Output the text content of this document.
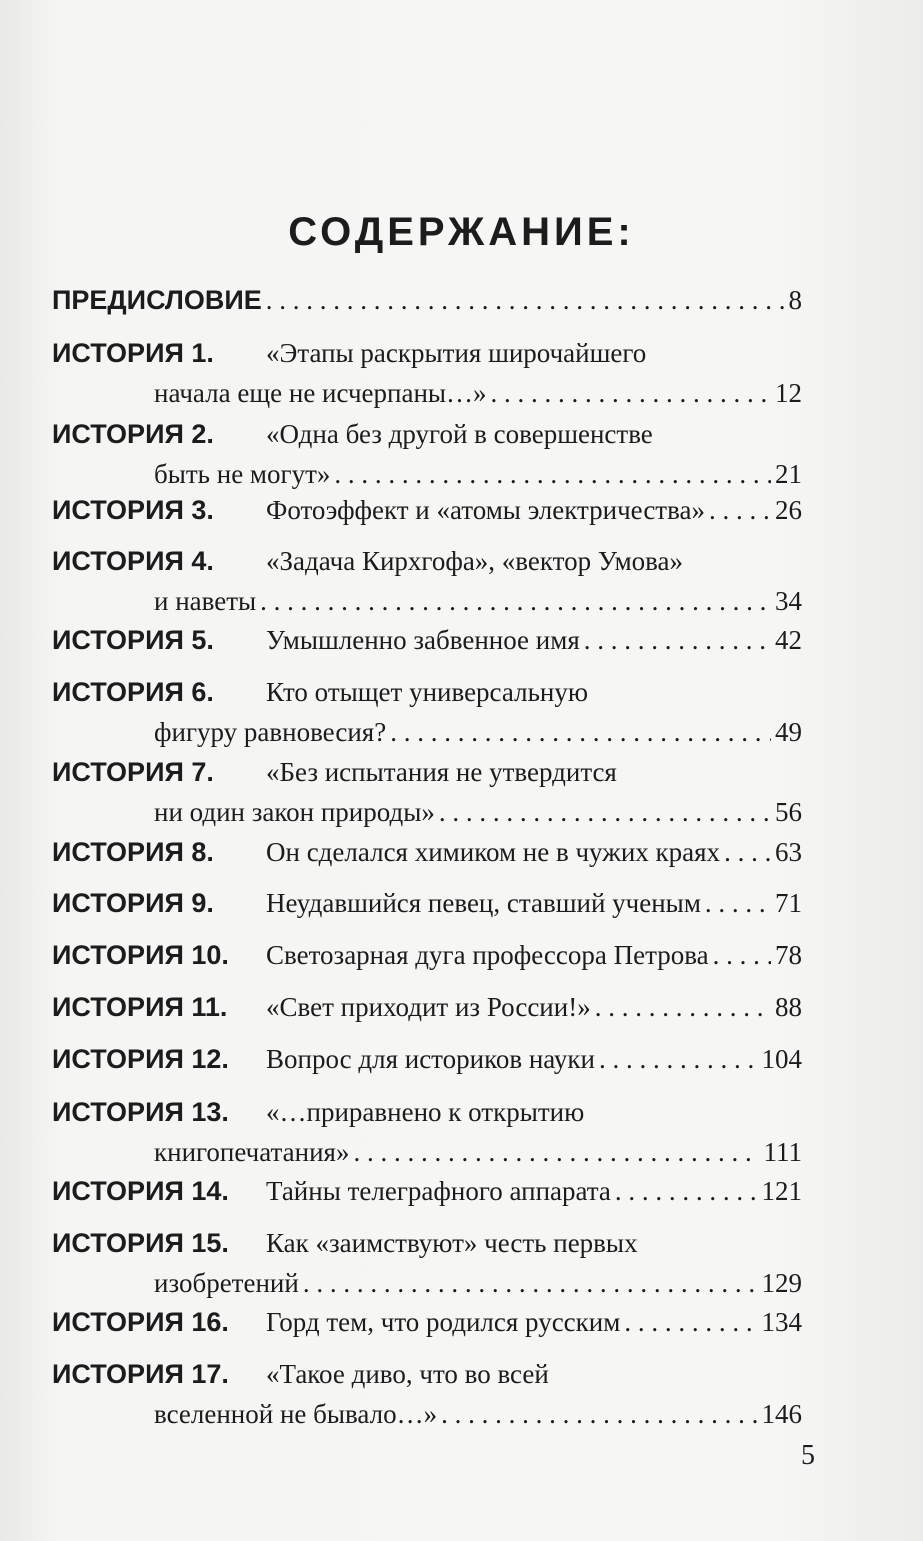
СОДЕРЖАНИЕ:
ПРЕДИСЛОВИЕ . . .	8
ИСТОРИЯ 1. «Этапы раскрытия широчайшего
начала еще не исчерпаны…» . . .	12
ИСТОРИЯ 2. «Одна без другой в совершенстве
быть не могут» . . .	21
ИСТОРИЯ 3. Фотоэффект и «атомы электричества» . . .	26
ИСТОРИЯ 4. «Задача Кирхгофа», «вектор Умова»
и наветы . . .	34
ИСТОРИЯ 5. Умышленно забвенное имя . . .	42
ИСТОРИЯ 6. Кто отыщет универсальную
фигуру равновесия? . . .	49
ИСТОРИЯ 7. «Без испытания не утвердится
ни один закон природы» . . .	56
ИСТОРИЯ 8. Он сделался химиком не в чужих краях . . . 63
ИСТОРИЯ 9. Неудавшийся певец, ставший ученым . . .	71
ИСТОРИЯ 10. Светозарная дуга профессора Петрова . . . 78
ИСТОРИЯ 11. «Свет приходит из России!» . . .	88
ИСТОРИЯ 12. Вопрос для историков науки . . .	104
ИСТОРИЯ 13. «…приравнено к открытию
книгопечатания» . . .	111
ИСТОРИЯ 14. Тайны телеграфного аппарата . . .	121
ИСТОРИЯ 15. Как «заимствуют» честь первых
изобретений . . .	129
ИСТОРИЯ 16. Горд тем, что родился русским . . .	134
ИСТОРИЯ 17. «Такое диво, что во всей
вселенной не бывало…» . . .	146
5
